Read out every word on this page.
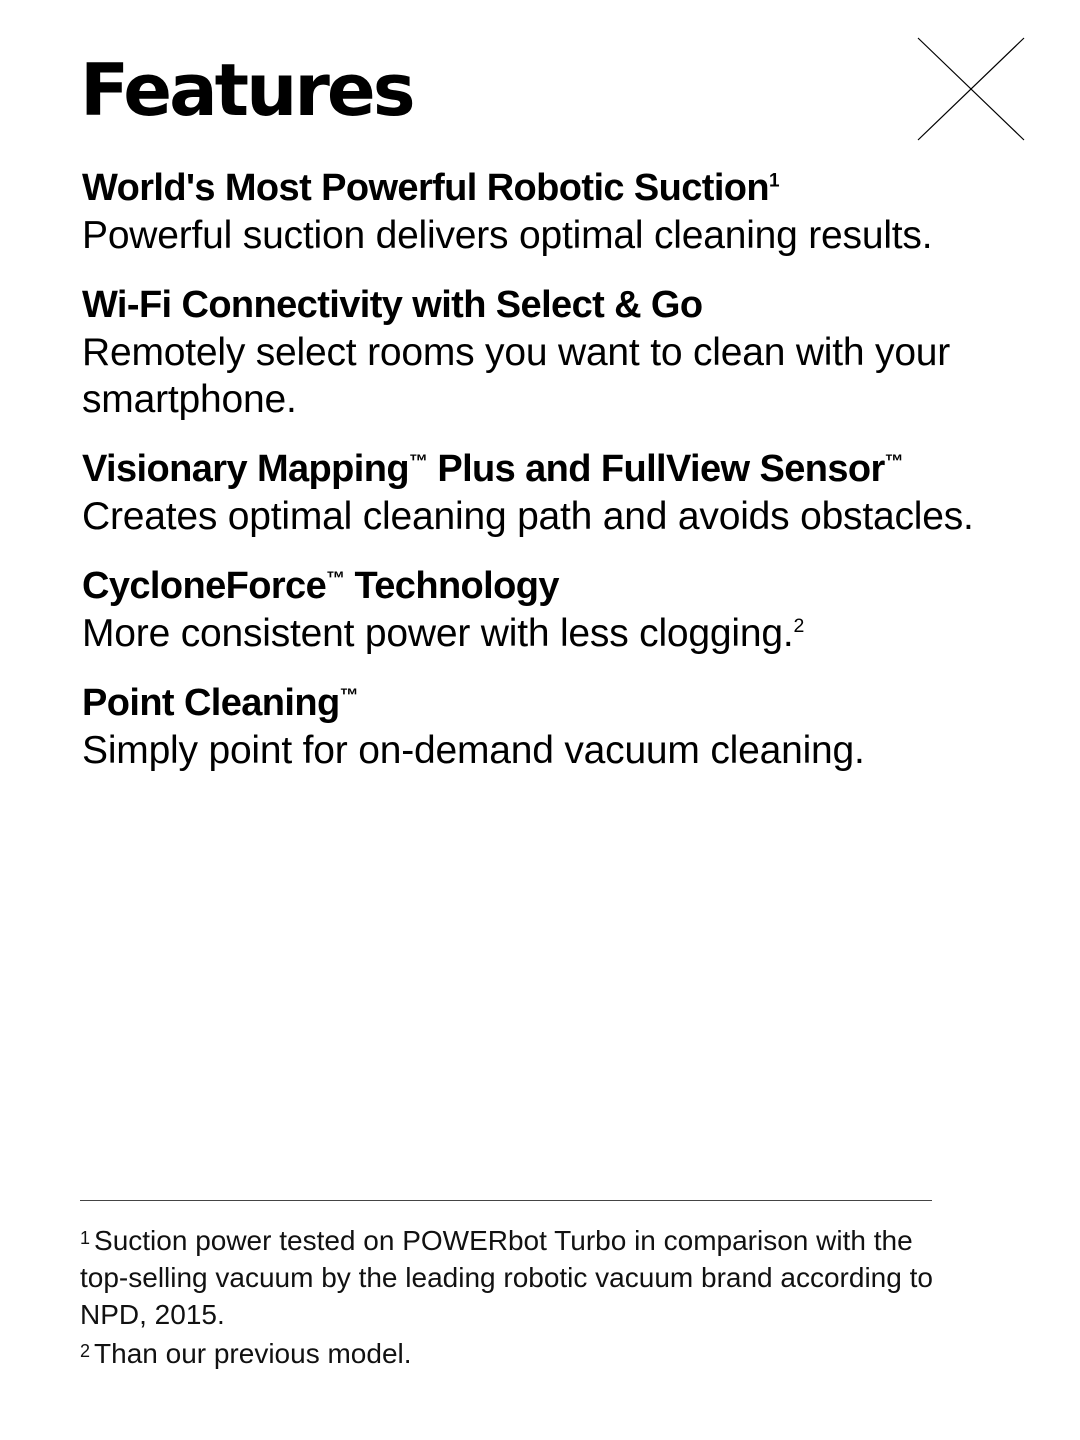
Features
World's Most Powerful Robotic Suction$^1$
Powerful suction delivers optimal cleaning results.
Wi-Fi Connectivity with Select & Go
Remotely select rooms you want to clean with your smartphone.
Visionary Mapping™ Plus and FullView Sensor™
Creates optimal cleaning path and avoids obstacles.
CycloneForce™ Technology
More consistent power with less clogging.$^2$
Point Cleaning™
Simply point for on-demand vacuum cleaning.
$^1$ Suction power tested on POWERbot Turbo in comparison with the top-selling vacuum by the leading robotic vacuum brand according to NPD, 2015.
$^2$ Than our previous model.
